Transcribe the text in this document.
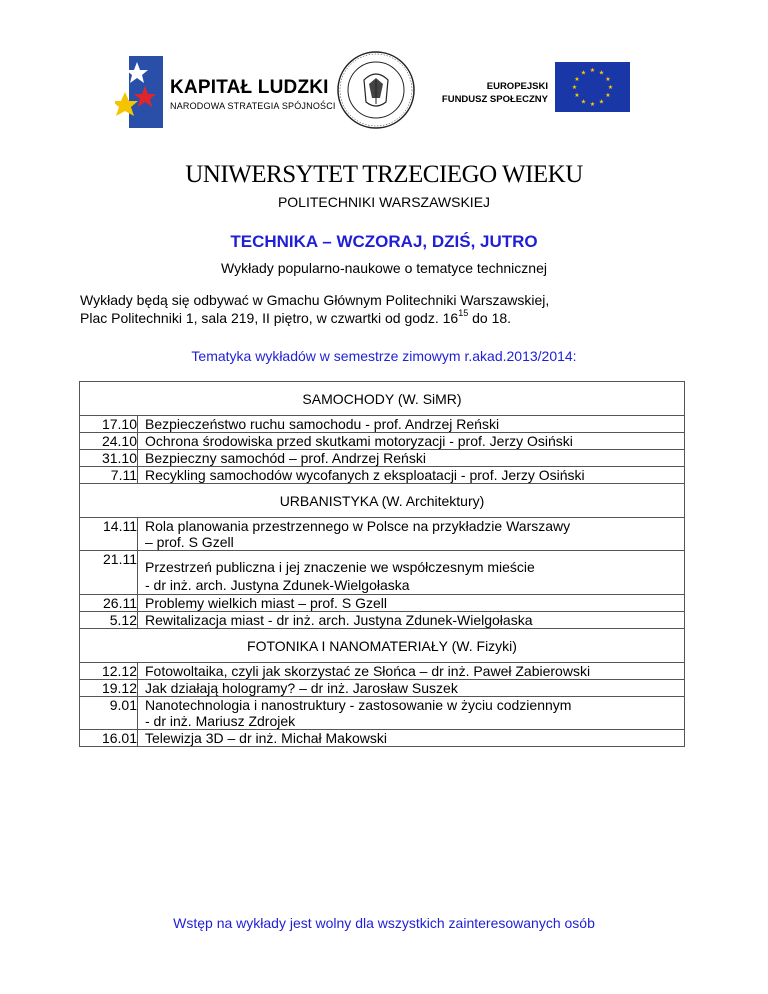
KAPITAŁ LUDZKI
NARODOWA STRATEGIA SPÓJNOŚCI
EUROPEJSKI
FUNDUSZ SPOŁECZNY
★ ★
★
★
★
★
★
★
★
★
★
★
UNIWERSYTET TRZECIEGO WIEKU
POLITECHNIKI WARSZAWSKIEJ
TECHNIKA – WCZORAJ, DZIŚ, JUTRO
Wykłady popularno-naukowe o tematyce technicznej
Wykłady będą się odbywać w Gmachu Głównym Politechniki Warszawskiej,
Plac Politechniki 1, sala 219, II piętro, w czwartki od godz. $16^{15}$ do 18.
Tematyka wykładów w semestrze zimowym r.akad.2013/2014:
SAMOCHODY (W. SiMR)	
17.10	Bezpieczeństwo ruchu samochodu - prof. Andrzej Reński
24.10	Ochrona środowiska przed skutkami motoryzacji - prof. Jerzy Osiński
31.10	Bezpieczny samochód – prof. Andrzej Reński
7.11	Recykling samochodów wycofanych z eksploatacji - prof. Jerzy Osiński
URBANISTYKA (W. Architektury)	
14.11	Rola planowania przestrzennego w Polsce na przykładzie Warszawy
– prof. S Gzell

21.11	Przestrzeń publiczna i jej znaczenie we współczesnym mieście
- dr inż. arch. Justyna Zdunek-Wielgołaska

26.11	Problemy wielkich miast – prof. S Gzell
5.12	Rewitalizacja miast - dr inż. arch. Justyna Zdunek-Wielgołaska
FOTONIKA I NANOMATERIAŁY (W. Fizyki)	
12.12	Fotowoltaika, czyli jak skorzystać ze Słońca – dr inż. Paweł Zabierowski
19.12	Jak działają hologramy? – dr inż. Jarosław Suszek
9.01	Nanotechnologia i nanostruktury - zastosowanie w życiu codziennym
- dr inż. Mariusz Zdrojek

16.01	Telewizja 3D – dr inż. Michał Makowski
Wstęp na wykłady jest wolny dla wszystkich zainteresowanych osób
